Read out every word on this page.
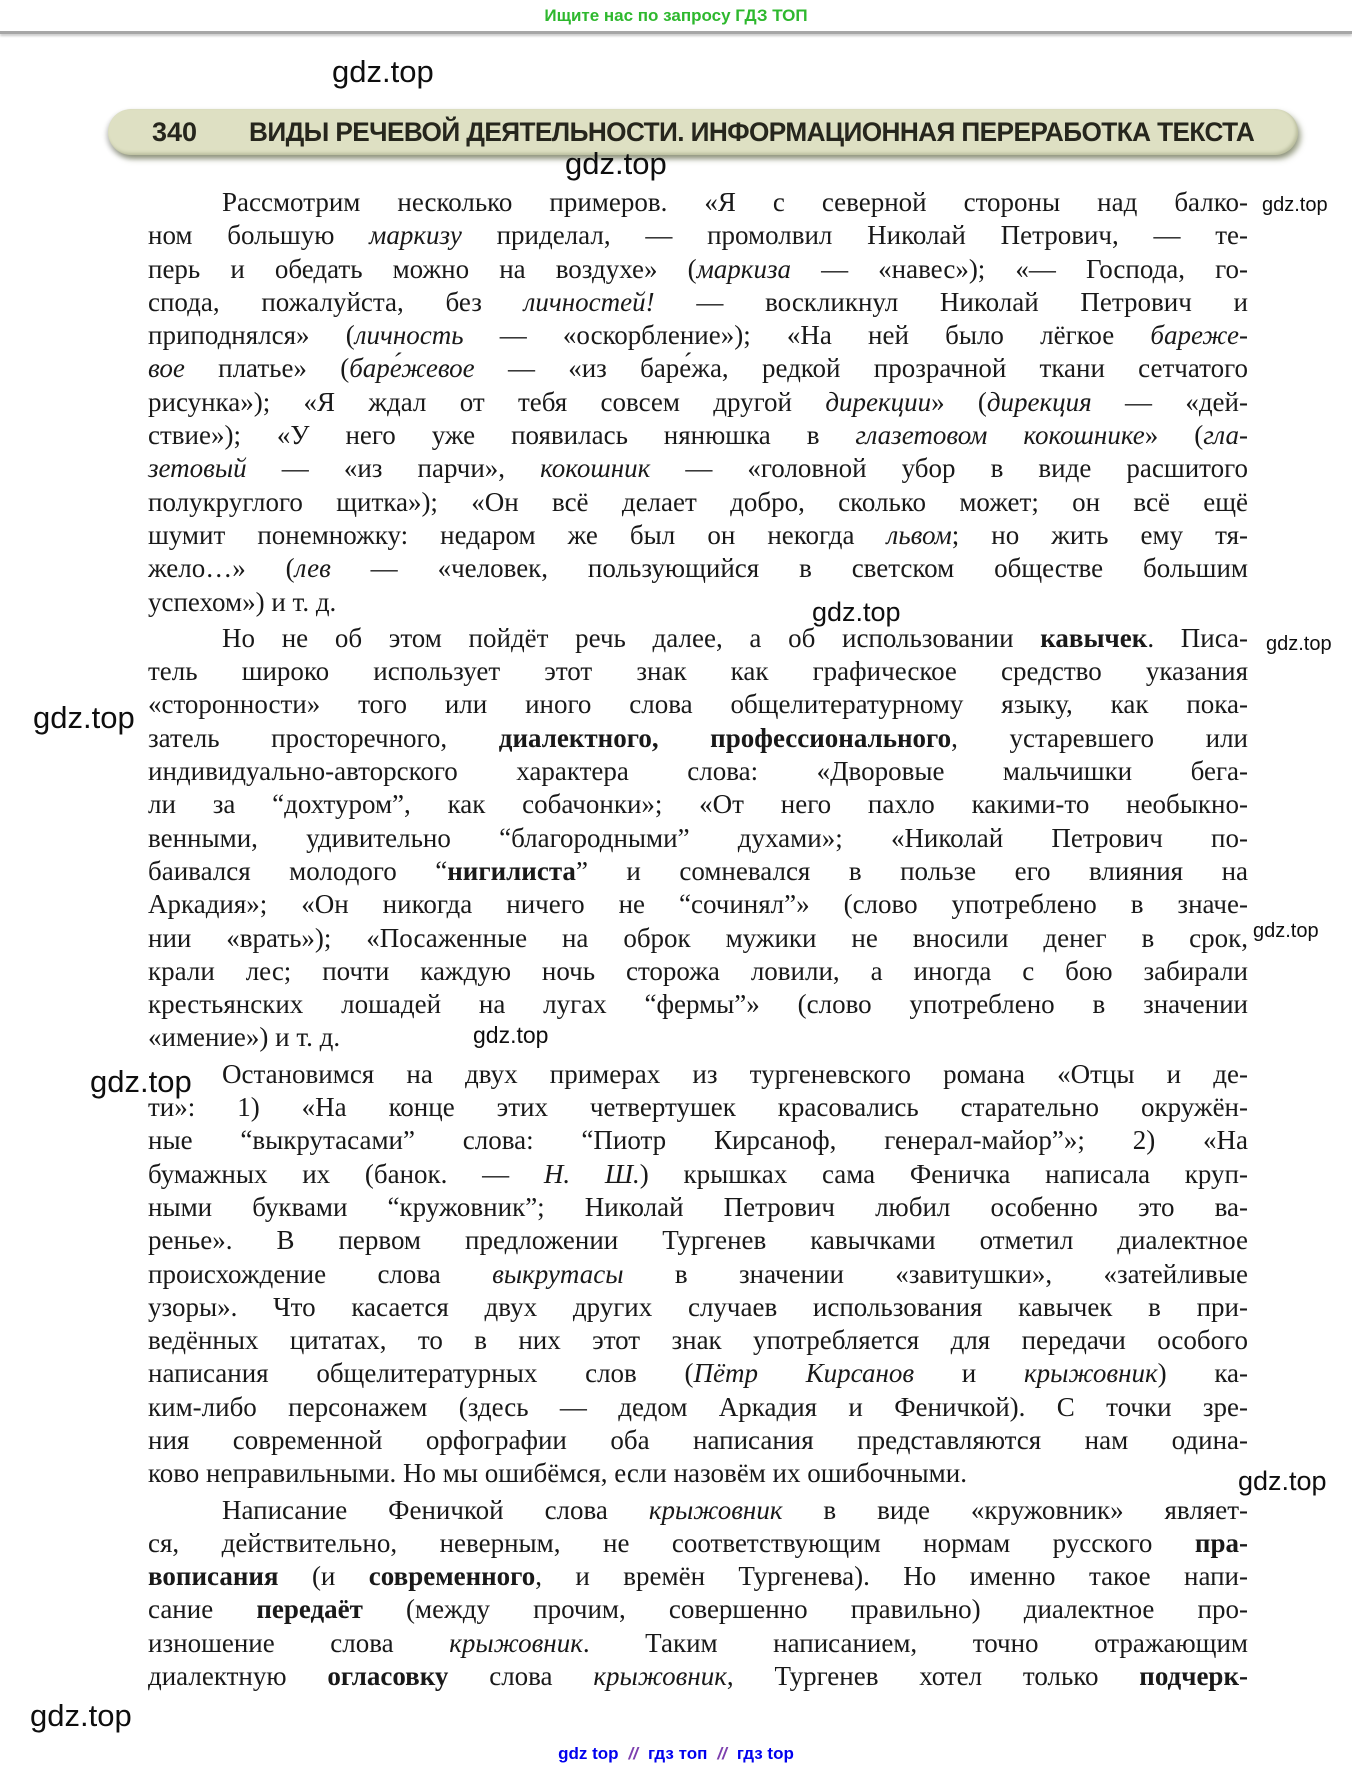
Ищите нас по запросу ГДЗ ТОП
340 ВИДЫ РЕЧЕВОЙ ДЕЯТЕЛЬНОСТИ. ИНФОРМАЦИОННАЯ ПЕРЕРАБОТКА ТЕКСТА
gdz.top
gdz.top
gdz.top
gdz.top
gdz.top
gdz.top
gdz.top
gdz.top
gdz.top
gdz.top
gdz.top
Рассмотрим несколько примеров. «Я с северной стороны над балко-
ном большую маркизу приделал, — промолвил Николай Петрович, — те-
перь и обедать можно на воздухе» (маркиза — «навес»); «— Господа, го-
спода, пожалуйста, без личностей! — воскликнул Николай Петрович и
приподнялся» (личность — «оскорбление»); «На ней было лёгкое бареже-
вое платье» (баре́жевое — «из баре́жа, редкой прозрачной ткани сетчатого
рисунка»); «Я ждал от тебя совсем другой дирекции» (дирекция — «дей-
ствие»); «У него уже появилась нянюшка в глазетовом кокошнике» (гла-
зетовый — «из парчи», кокошник — «головной убор в виде расшитого
полукруглого щитка»); «Он всё делает добро, сколько может; он всё ещё
шумит понемножку: недаром же был он некогда львом; но жить ему тя-
жело…» (лев — «человек, пользующийся в светском обществе большим
успехом») и т. д.
Но не об этом пойдёт речь далее, а об использовании кавычек. Писа-
тель широко использует этот знак как графическое средство указания
«сторонности» того или иного слова общелитературному языку, как пока-
затель просторечного, диалектного, профессионального, устаревшего или
индивидуально-авторского характера слова: «Дворовые мальчишки бега-
ли за “дохтуром”, как собачонки»; «От него пахло какими-то необыкно-
венными, удивительно “благородными” духами»; «Николай Петрович по-
баивался молодого “нигилиста” и сомневался в пользе его влияния на
Аркадия»; «Он никогда ничего не “сочинял”» (слово употреблено в значе-
нии «врать»); «Посаженные на оброк мужики не вносили денег в срок,
крали лес; почти каждую ночь сторожа ловили, а иногда с бою забирали
крестьянских лошадей на лугах “фермы”» (слово употреблено в значении
«имение») и т. д.
Остановимся на двух примерах из тургеневского романа «Отцы и де-
ти»: 1) «На конце этих четвертушек красовались старательно окружён-
ные “выкрутасами” слова: “Пиотр Кирсаноф, генерал-майор”»; 2) «На
бумажных их (банок. — Н. Ш.) крышках сама Феничка написала круп-
ными буквами “кружовник”; Николай Петрович любил особенно это ва-
ренье». В первом предложении Тургенев кавычками отметил диалектное
происхождение слова выкрутасы в значении «завитушки», «затейливые
узоры». Что касается двух других случаев использования кавычек в при-
ведённых цитатах, то в них этот знак употребляется для передачи особого
написания общелитературных слов (Пётр Кирсанов и крыжовник) ка-
ким-либо персонажем (здесь — дедом Аркадия и Феничкой). С точки зре-
ния современной орфографии оба написания представляются нам одина-
ково неправильными. Но мы ошибёмся, если назовём их ошибочными.
Написание Феничкой слова крыжовник в виде «кружовник» являет-
ся, действительно, неверным, не соответствующим нормам русского пра-
вописания (и современного, и времён Тургенева). Но именно такое напи-
сание передаёт (между прочим, совершенно правильно) диалектное про-
изношение слова крыжовник. Таким написанием, точно отражающим
диалектную огласовку слова крыжовник, Тургенев хотел только подчерк-
gdz top // гдз топ // гдз top
